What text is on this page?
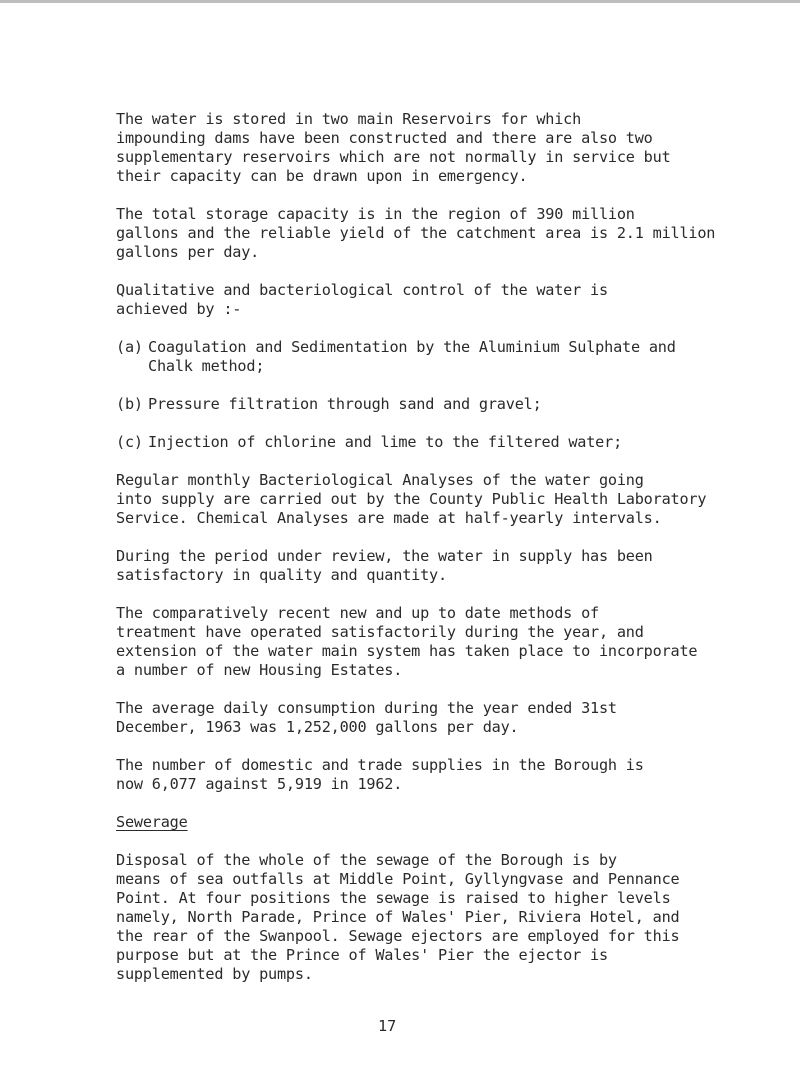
The water is stored in two main Reservoirs for which
impounding dams have been constructed and there are also two
supplementary reservoirs which are not normally in service but
their capacity can be drawn upon in emergency.

The total storage capacity is in the region of 390 million
gallons and the reliable yield of the catchment area is 2.1 million
gallons per day.

Qualitative and bacteriological control of the water is
achieved by :-

(a) Coagulation and Sedimentation by the Aluminium Sulphate and
Chalk method;
(b) Pressure filtration through sand and gravel;
(c) Injection of chlorine and lime to the filtered water;

Regular monthly Bacteriological Analyses of the water going
into supply are carried out by the County Public Health Laboratory
Service. Chemical Analyses are made at half-yearly intervals.

During the period under review, the water in supply has been
satisfactory in quality and quantity.

The comparatively recent new and up to date methods of
treatment have operated satisfactorily during the year, and
extension of the water main system has taken place to incorporate
a number of new Housing Estates.

The average daily consumption during the year ended 31st
December, 1963 was 1,252,000 gallons per day.

The number of domestic and trade supplies in the Borough is
now 6,077 against 5,919 in 1962.

Sewerage

Disposal of the whole of the sewage of the Borough is by
means of sea outfalls at Middle Point, Gyllyngvase and Pennance
Point. At four positions the sewage is raised to higher levels
namely, North Parade, Prince of Wales' Pier, Riviera Hotel, and
the rear of the Swanpool. Sewage ejectors are employed for this
purpose but at the Prince of Wales' Pier the ejector is
supplemented by pumps.

17
